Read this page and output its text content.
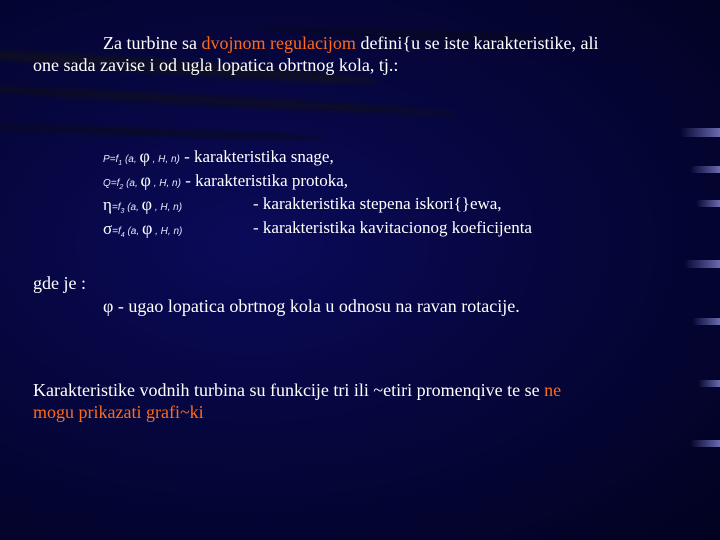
Za turbine sa dvojnom regulacijom defini{u se iste karakteristike, ali
one sada zavise i od ugla lopatica obrtnog kola, tj.:
$P=f_1$ (a, φ , H, n) - karakteristika snage,
$Q=f_2$ (a, φ , H, n) - karakteristika protoka,
$\eta=f_3$ (a, φ , H, n)	- karakteristika stepena iskori{}ewa,
$\sigma=f_4$ (a, φ , H, n)	- karakteristika kavitacionog koeficijenta
gde je :
φ - ugao lopatica obrtnog kola u odnosu na ravan rotacije.
Karakteristike vodnih turbina su funkcije tri ili ~etiri promenqive te se ne
mogu prikazati grafi~ki
